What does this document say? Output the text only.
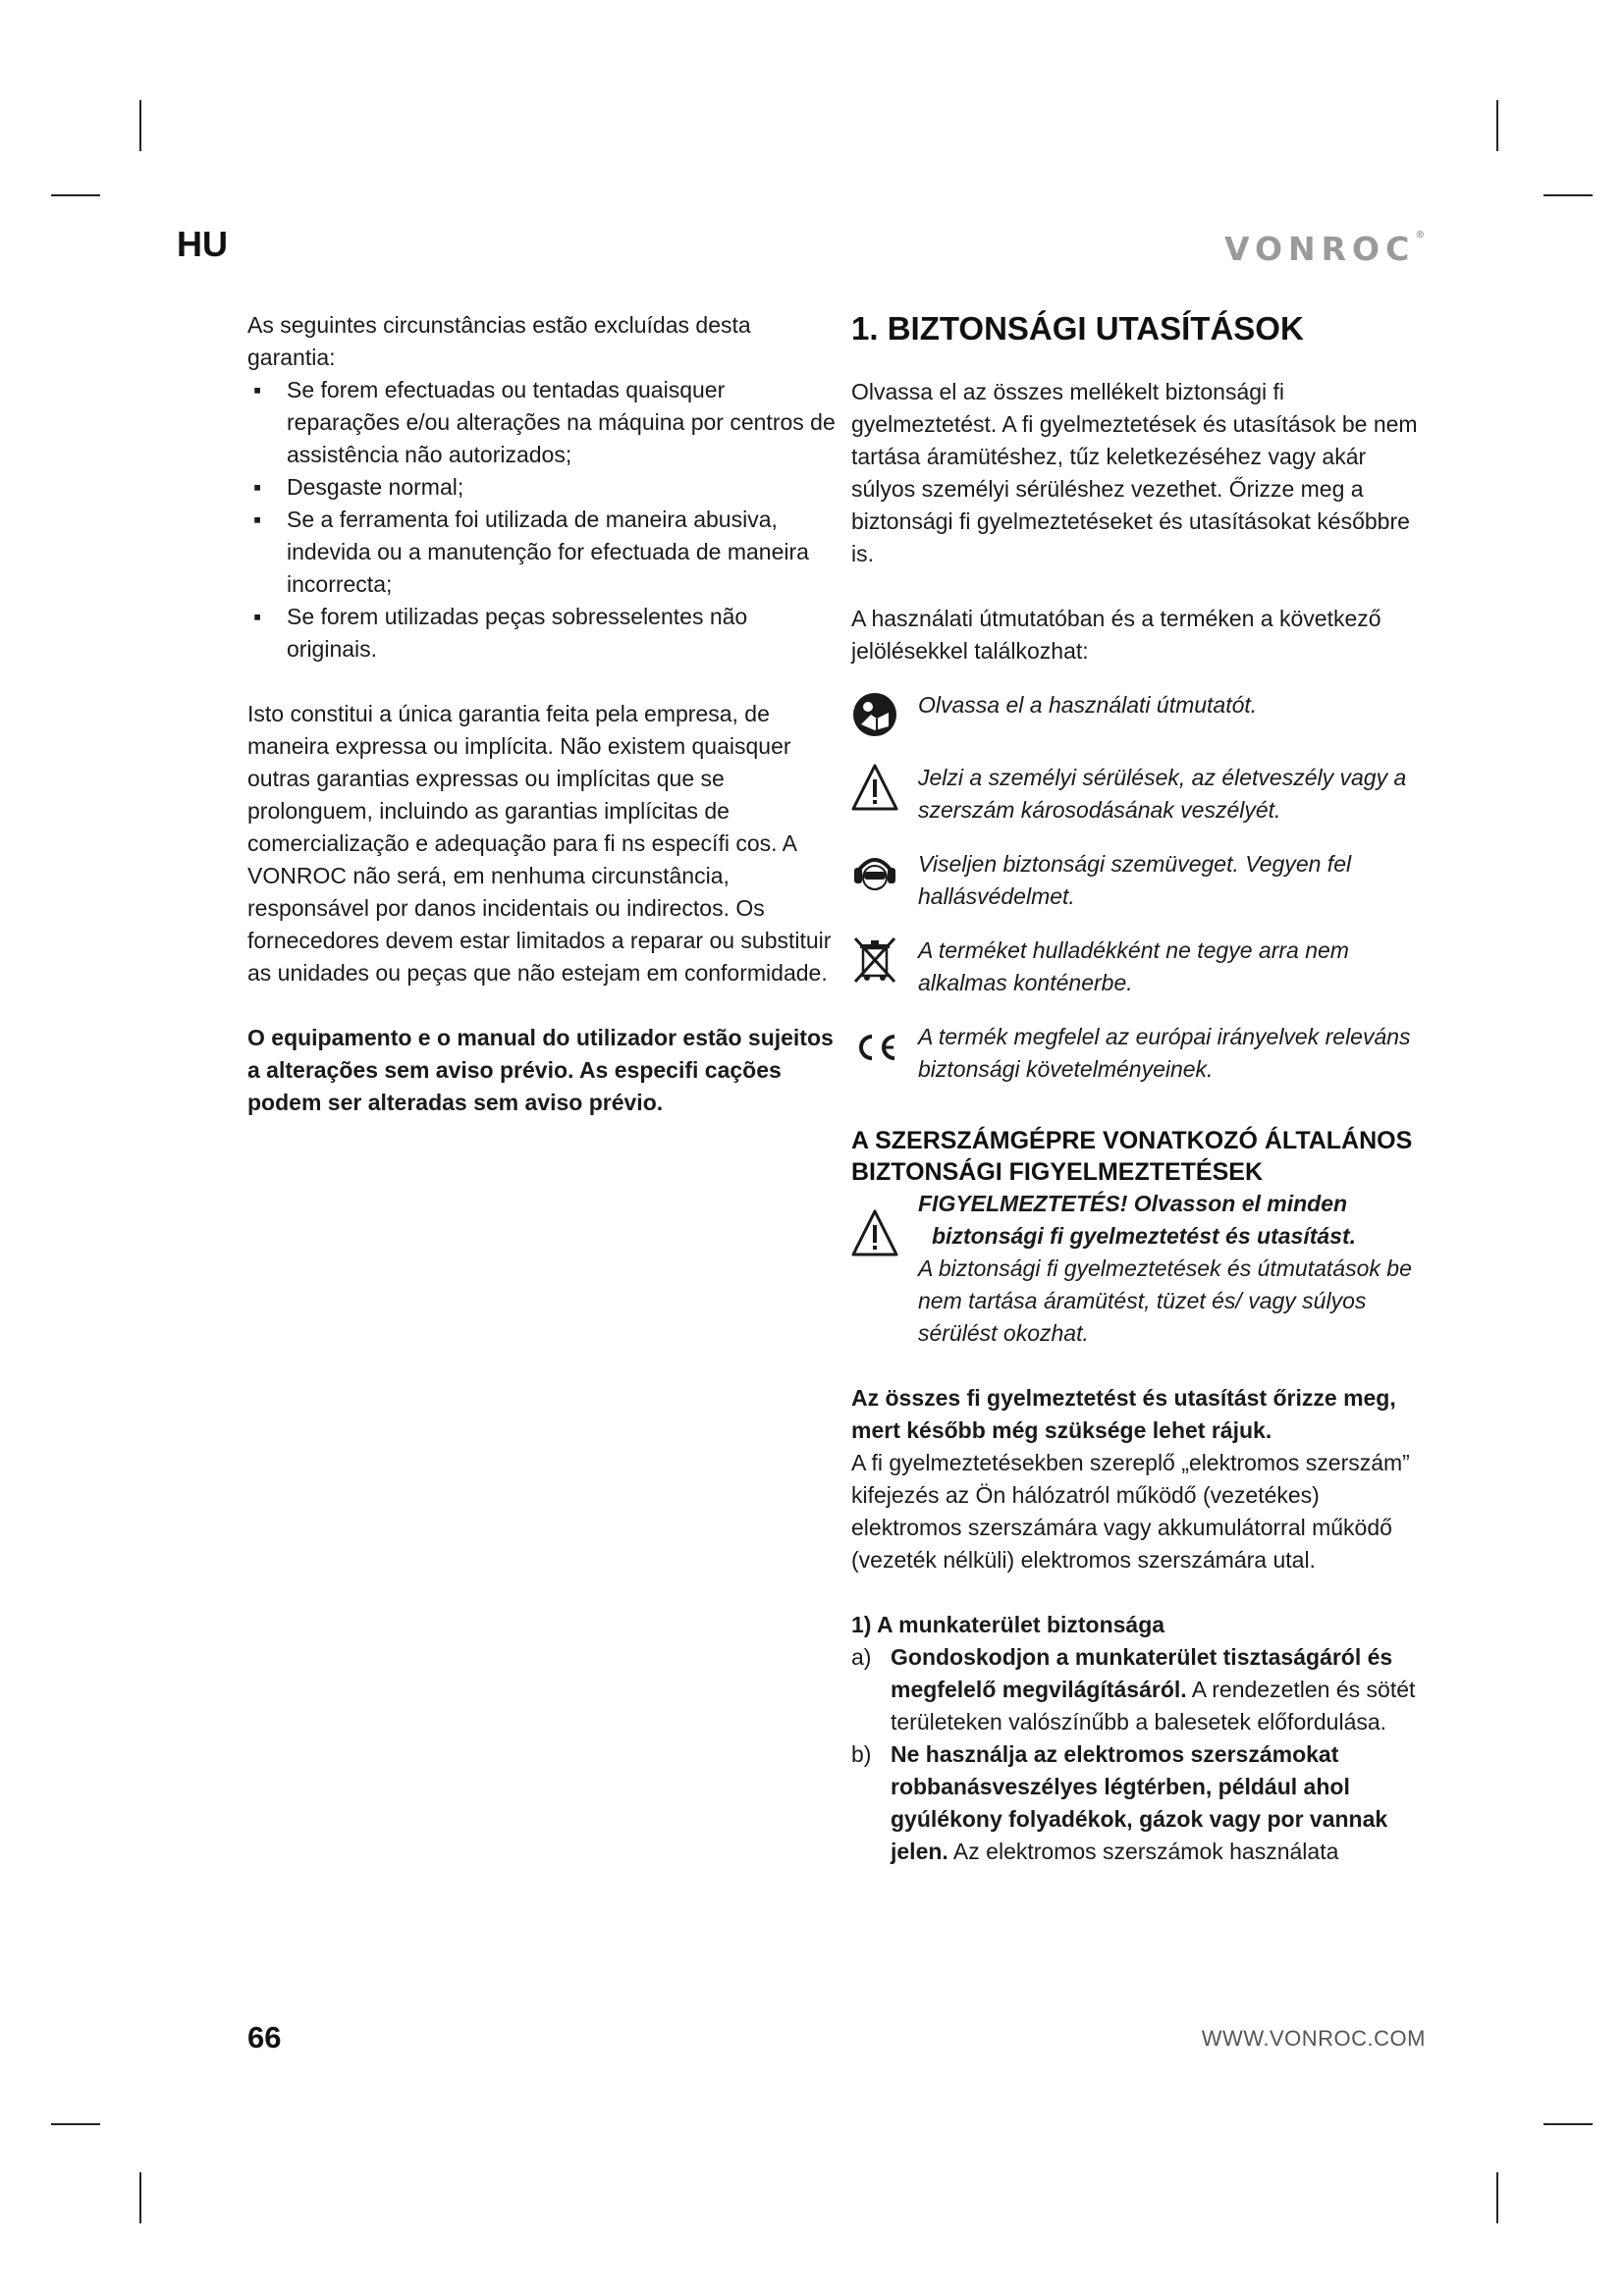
HU	VONROC®

As seguintes circunstâncias estão excluídas desta garantia:

▪ Se forem efectuadas ou tentadas quaisquer reparações e/ou alterações na máquina por centros de assistência não autorizados;
▪ Desgaste normal;
▪ Se a ferramenta foi utilizada de maneira abusiva, indevida ou a manutenção for efectuada de maneira incorrecta;
▪ Se forem utilizadas peças sobresselentes não originais.

Isto constitui a única garantia feita pela empresa, de maneira expressa ou implícita. Não existem quaisquer outras garantias expressas ou implícitas que se prolonguem, incluindo as garantias implícitas de comercialização e adequação para fi ns específi cos. A VONROC não será, em nenhuma circunstância, responsável por danos incidentais ou indirectos. Os fornecedores devem estar limitados a reparar ou substituir as unidades ou peças que não estejam em conformidade.

O equipamento e o manual do utilizador estão sujeitos a alterações sem aviso prévio. As especifi cações podem ser alteradas sem aviso prévio.

1. BIZTONSÁGI UTASÍTÁSOK

Olvassa el az összes mellékelt biztonsági fi gyelmeztetést. A fi gyelmeztetések és utasítások be nem tartása áramütéshez, tűz keletkezéséhez vagy akár súlyos személyi sérüléshez vezethet. Őrizze meg a biztonsági fi gyelmeztetéseket és utasításokat későbbre is.

A használati útmutatóban és a terméken a következő jelölésekkel találkozhat:

Olvassa el a használati útmutatót.
Jelzi a személyi sérülések, az életveszély vagy a szerszám károsodásának veszélyét.
Viseljen biztonsági szemüveget. Vegyen fel hallásvédelmet.
A terméket hulladékként ne tegye arra nem alkalmas konténerbe.
A termék megfelel az európai irányelvek releváns biztonsági követelményeinek.
A SZERSZÁMGÉPRE VONATKOZÓ ÁLTALÁNOS BIZTONSÁGI FIGYELMEZTETÉSEK
FIGYELMEZTETÉS! Olvasson el minden biztonsági fi gyelmeztetést és utasítást.
A biztonsági fi gyelmeztetések és útmutatások be nem tartása áramütést, tüzet és/ vagy súlyos sérülést okozhat.

Az összes fi gyelmeztetést és utasítást őrizze meg, mert később még szüksége lehet rájuk.

A fi gyelmeztetésekben szereplő „elektromos szerszám” kifejezés az Ön hálózatról működő (vezetékes) elektromos szerszámára vagy akkumulátorral működő (vezeték nélküli) elektromos szerszámára utal.

1) A munkaterület biztonsága

a) Gondoskodjon a munkaterület tisztaságáról és megfelelő megvilágításáról. A rendezetlen és sötét területeken valószínűbb a balesetek előfordulása.
b) Ne használja az elektromos szerszámokat robbanásveszélyes légtérben, például ahol gyúlékony folyadékok, gázok vagy por vannak jelen. Az elektromos szerszámok használata
66	WWW.VONROC.COM
